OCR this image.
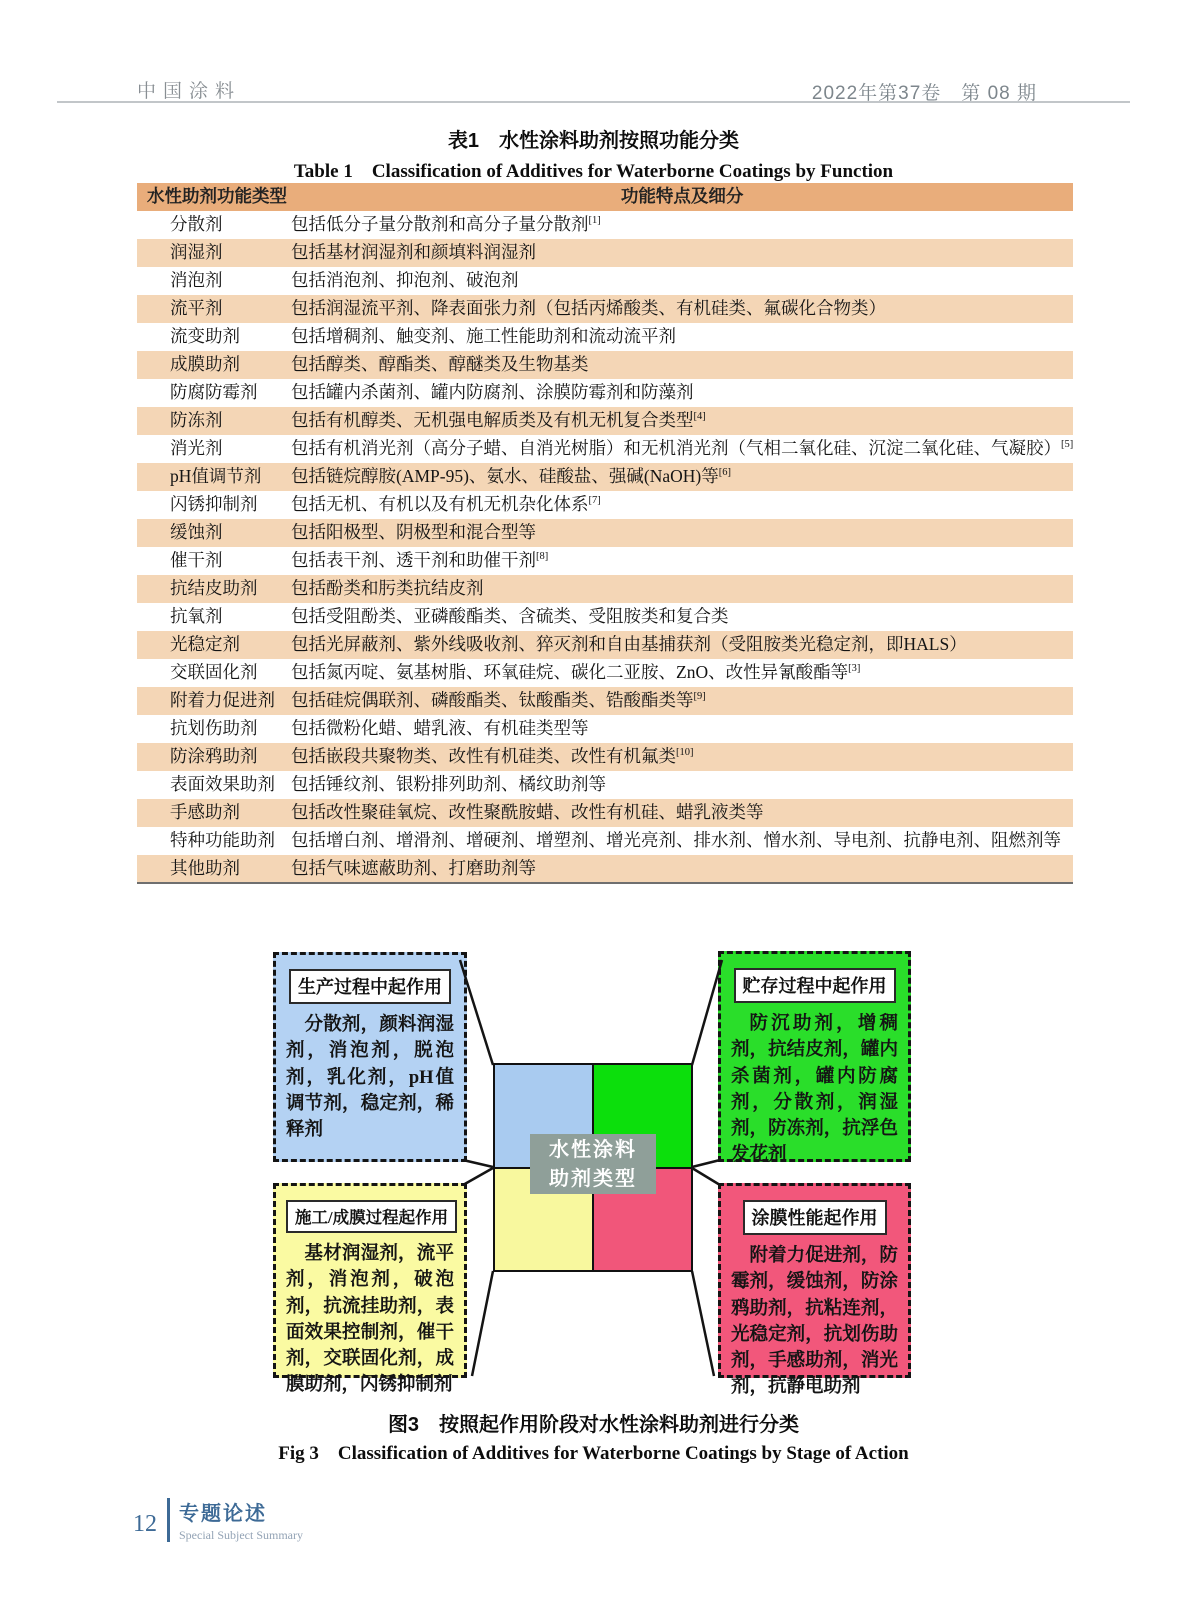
中国涂料	2022年第37卷　第 08 期
表1　水性涂料助剂按照功能分类
Table 1　Classification of Additives for Waterborne Coatings by Function
水性助剂功能类型	功能特点及细分
分散剂	包括低分子量分散剂和高分子量分散剂[1]
润湿剂	包括基材润湿剂和颜填料润湿剂
消泡剂	包括消泡剂、抑泡剂、破泡剂
流平剂	包括润湿流平剂、降表面张力剂（包括丙烯酸类、有机硅类、氟碳化合物类）
流变助剂	包括增稠剂、触变剂、施工性能助剂和流动流平剂
成膜助剂	包括醇类、醇酯类、醇醚类及生物基类
防腐防霉剂	包括罐内杀菌剂、罐内防腐剂、涂膜防霉剂和防藻剂
防冻剂	包括有机醇类、无机强电解质类及有机无机复合类型[4]
消光剂	包括有机消光剂（高分子蜡、自消光树脂）和无机消光剂（气相二氧化硅、沉淀二氧化硅、气凝胶）[5]
pH值调节剂	包括链烷醇胺(AMP-95)、氨水、硅酸盐、强碱(NaOH)等[6]
闪锈抑制剂	包括无机、有机以及有机无机杂化体系[7]
缓蚀剂	包括阳极型、阴极型和混合型等
催干剂	包括表干剂、透干剂和助催干剂[8]
抗结皮助剂	包括酚类和肟类抗结皮剂
抗氧剂	包括受阻酚类、亚磷酸酯类、含硫类、受阻胺类和复合类
光稳定剂	包括光屏蔽剂、紫外线吸收剂、猝灭剂和自由基捕获剂（受阻胺类光稳定剂，即HALS）
交联固化剂	包括氮丙啶、氨基树脂、环氧硅烷、碳化二亚胺、ZnO、改性异氰酸酯等[3]
附着力促进剂	包括硅烷偶联剂、磷酸酯类、钛酸酯类、锆酸酯类等[9]
抗划伤助剂	包括微粉化蜡、蜡乳液、有机硅类型等
防涂鸦助剂	包括嵌段共聚物类、改性有机硅类、改性有机氟类[10]
表面效果助剂	包括锤纹剂、银粉排列助剂、橘纹助剂等
手感助剂	包括改性聚硅氧烷、改性聚酰胺蜡、改性有机硅、蜡乳液类等
特种功能助剂	包括增白剂、增滑剂、增硬剂、增塑剂、增光亮剂、排水剂、憎水剂、导电剂、抗静电剂、阻燃剂等
其他助剂	包括气味遮蔽助剂、打磨助剂等
生产过程中起作用
分散剂，颜料润湿剂，消泡剂，脱泡剂，乳化剂，pH值调节剂，稳定剂，稀释剂
贮存过程中起作用
防沉助剂，增稠剂，抗结皮剂，罐内杀菌剂，罐内防腐剂，分散剂，润湿剂，防冻剂，抗浮色发花剂
施工/成膜过程起作用
基材润湿剂，流平剂，消泡剂，破泡剂，抗流挂助剂，表面效果控制剂，催干剂，交联固化剂，成膜助剂，闪锈抑制剂
涂膜性能起作用
附着力促进剂，防霉剂，缓蚀剂，防涂鸦助剂，抗粘连剂，光稳定剂，抗划伤助剂，手感助剂，消光剂，抗静电助剂
水性涂料
助剂类型
图3　按照起作用阶段对水性涂料助剂进行分类
Fig 3　Classification of Additives for Waterborne Coatings by Stage of Action
12 专题论述
Special Subject Summary
